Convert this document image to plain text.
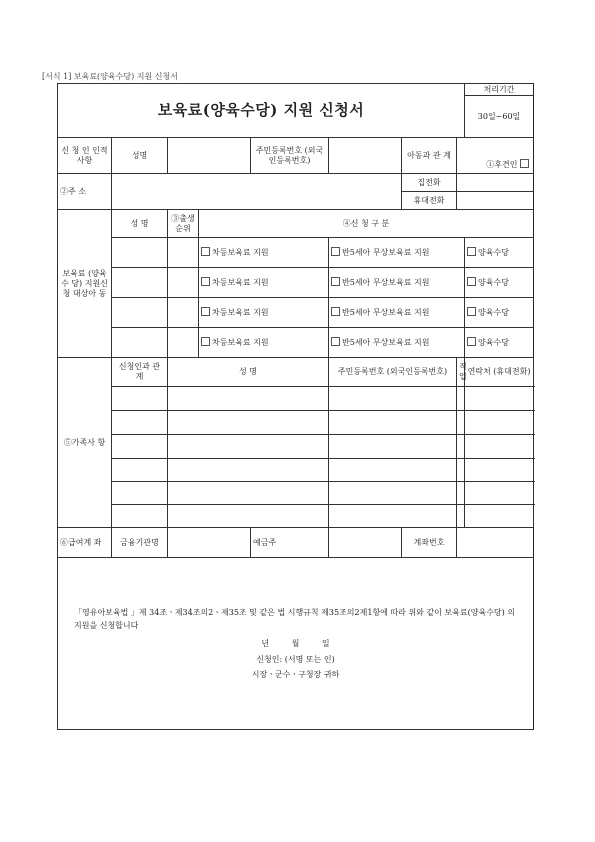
[서식 1] 보육료(양육수당) 지원 신청서
보육료(양육수당) 지원 신청서								처리기간
								30일~60일
신 청 인 인적사항	성명			주민등록번호 (외국인등록번호)		아동과 관 계	①후견인	
②주 소						집전화		
						휴대전화		
보육료 (양육수 당) 지원신 청 대상아 동	성 명	③출생 순위	④신 청 구 분					
			차등보육료 지원		반5세아 무상보육료 지원			양육수당
			차등보육료 지원		반5세아 무상보육료 지원			양육수당
			차등보육료 지원		반5세아 무상보육료 지원			양육수당
			차등보육료 지원		반5세아 무상보육료 지원			양육수당
⑤가족사 항	신청인과 관 계	성 명			주민등록번호 (외국인등록번호)		직업	연락처 (휴대전화)

⑥급여계 좌	금융기관명			예금주		계좌번호		

「영유아보육법 」제 34조ㆍ제34조의2ㆍ제35조 및 같은 법 시행규칙 제35조의2제1항에 따라 위와 같이 보육료(양육수당) 의 지원을 신청합니다

년 월 일
신청인: (서명 또는 인)
시장ㆍ군수ㆍ구청장 귀하								
